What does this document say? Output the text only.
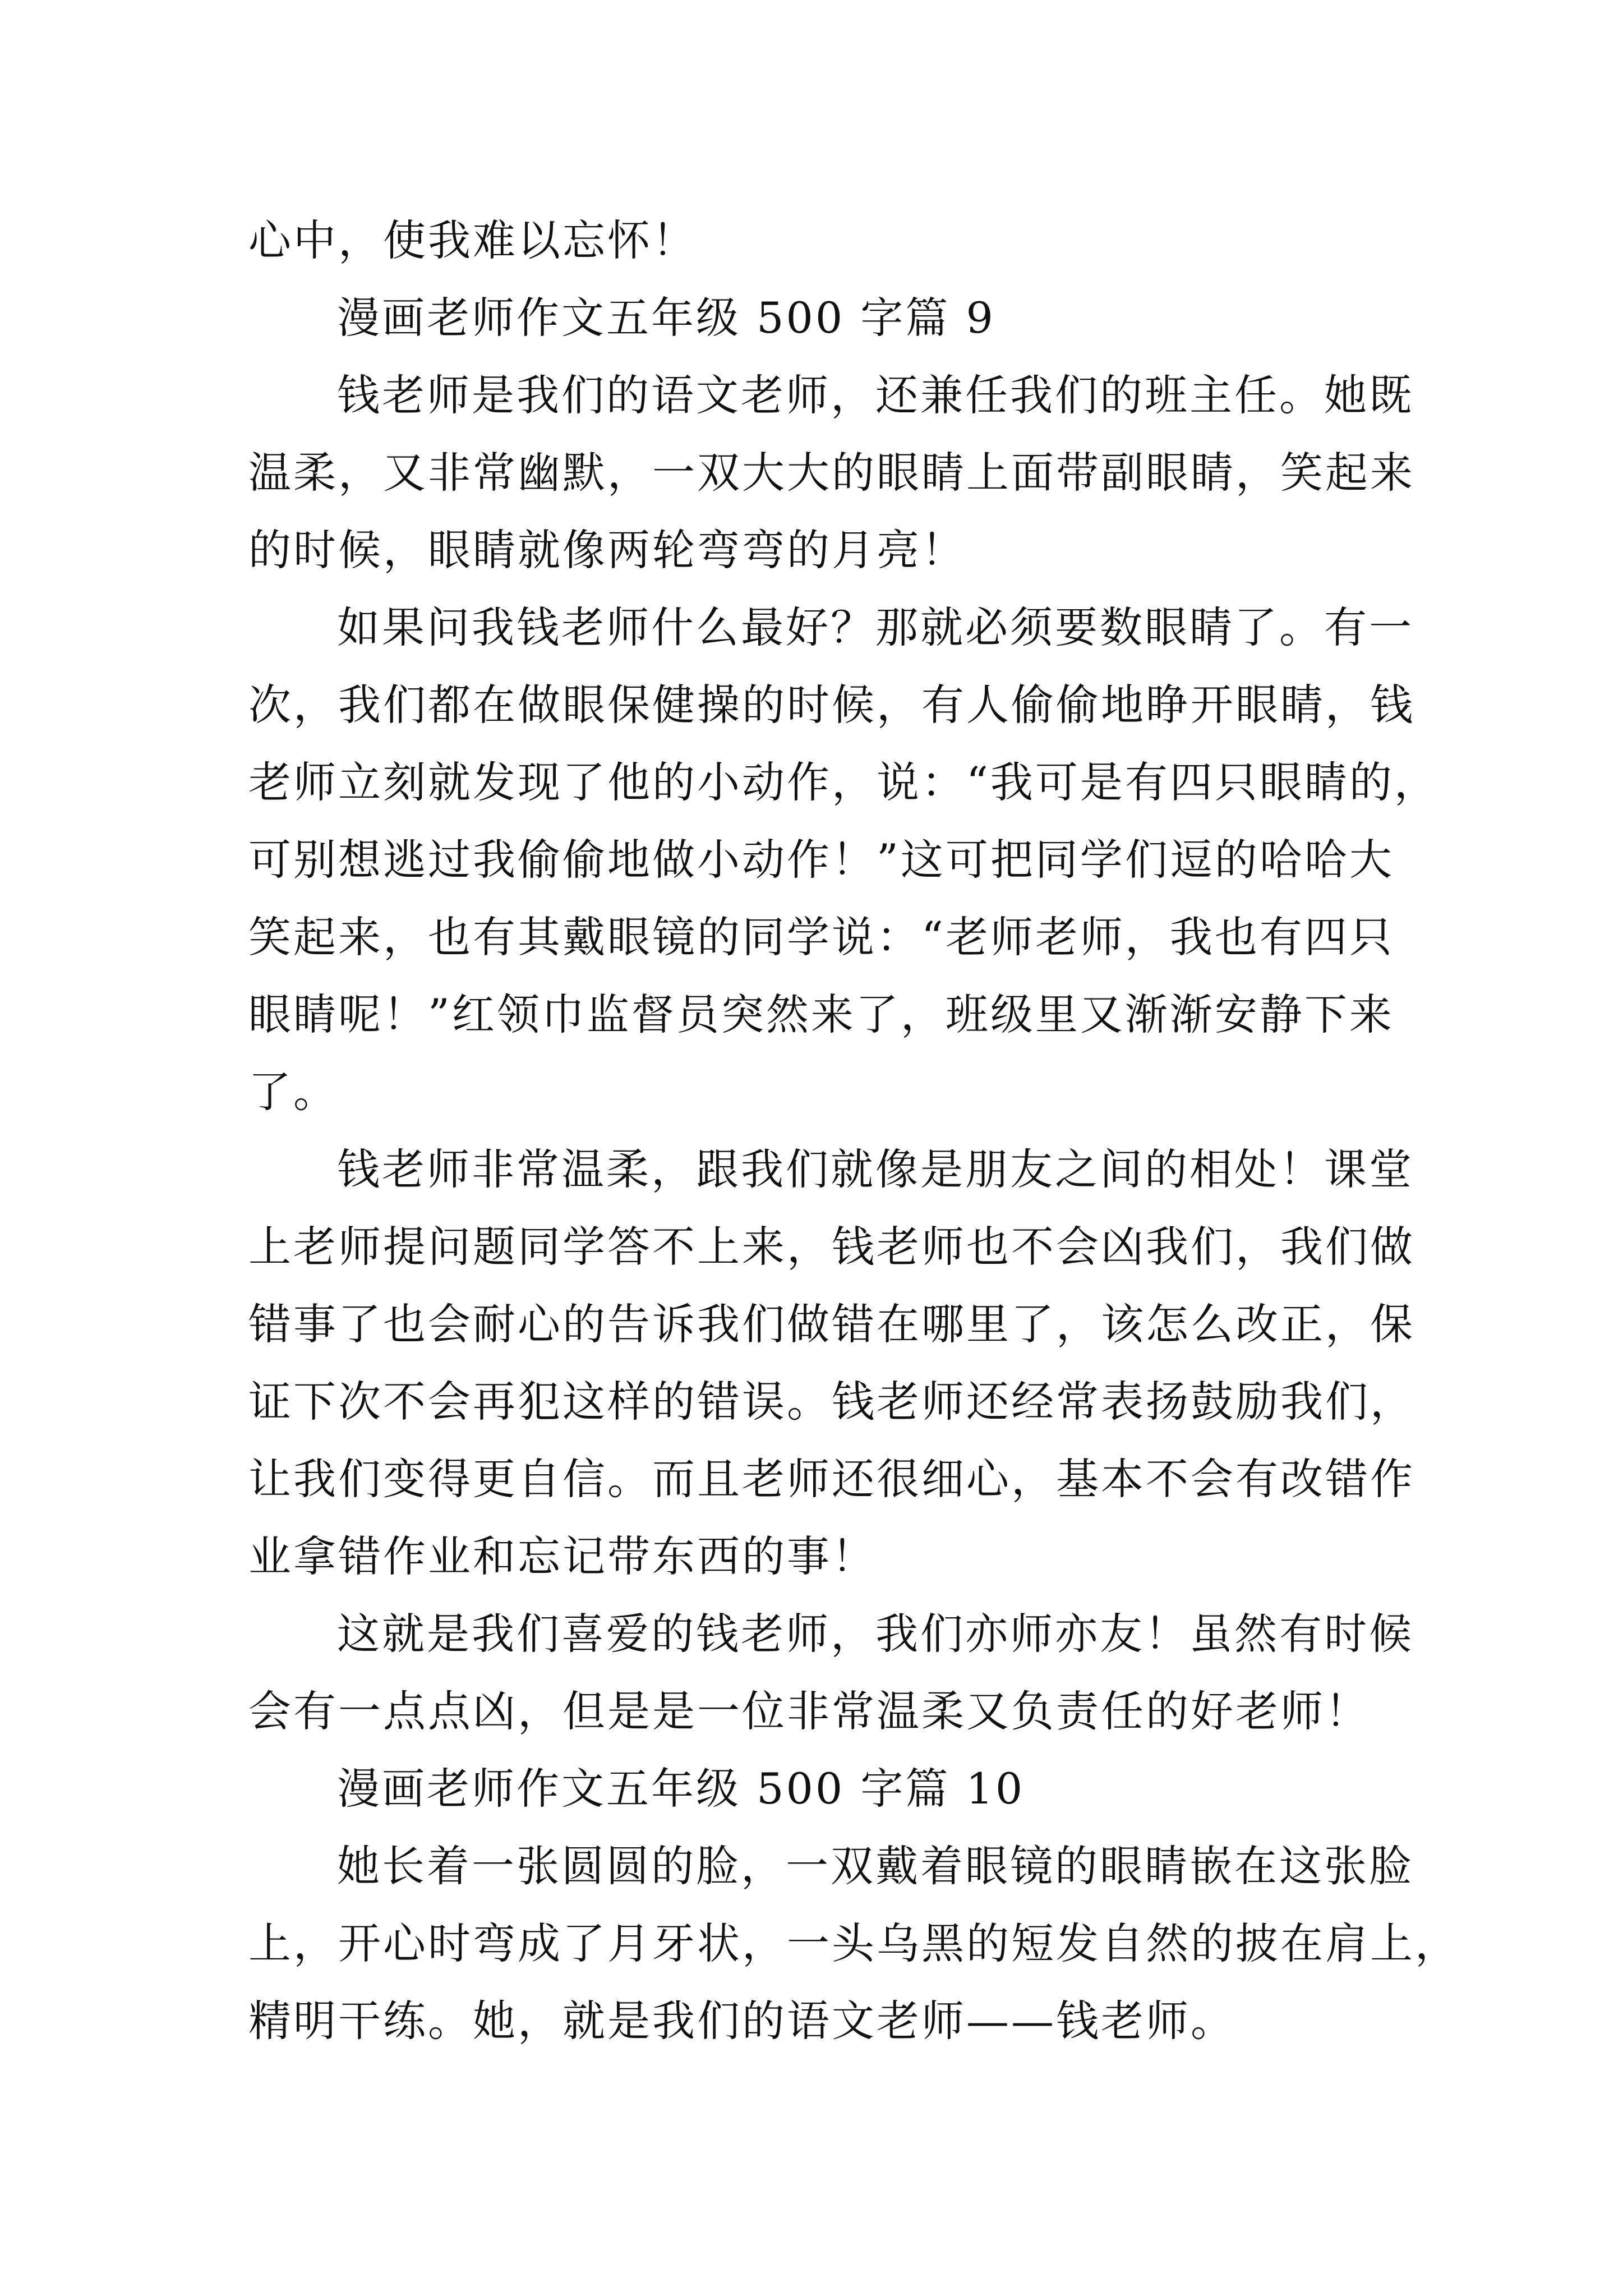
心中，使我难以忘怀！
漫画老师作文五年级 500 字篇 9
钱老师是我们的语文老师，还兼任我们的班主任。她既
温柔，又非常幽默，一双大大的眼睛上面带副眼睛，笑起来
的时候，眼睛就像两轮弯弯的月亮！
如果问我钱老师什么最好？那就必须要数眼睛了。有一
次，我们都在做眼保健操的时候，有人偷偷地睁开眼睛，钱
老师立刻就发现了他的小动作，说：“我可是有四只眼睛的，
可别想逃过我偷偷地做小动作！”这可把同学们逗的哈哈大
笑起来，也有其戴眼镜的同学说：“老师老师，我也有四只
眼睛呢！”红领巾监督员突然来了，班级里又渐渐安静下来
了。
钱老师非常温柔，跟我们就像是朋友之间的相处！课堂
上老师提问题同学答不上来，钱老师也不会凶我们，我们做
错事了也会耐心的告诉我们做错在哪里了，该怎么改正，保
证下次不会再犯这样的错误。钱老师还经常表扬鼓励我们，
让我们变得更自信。而且老师还很细心，基本不会有改错作
业拿错作业和忘记带东西的事！
这就是我们喜爱的钱老师，我们亦师亦友！虽然有时候
会有一点点凶，但是是一位非常温柔又负责任的好老师！
漫画老师作文五年级 500 字篇 10
她长着一张圆圆的脸，一双戴着眼镜的眼睛嵌在这张脸
上，开心时弯成了月牙状，一头乌黑的短发自然的披在肩上，
精明干练。她，就是我们的语文老师——钱老师。
